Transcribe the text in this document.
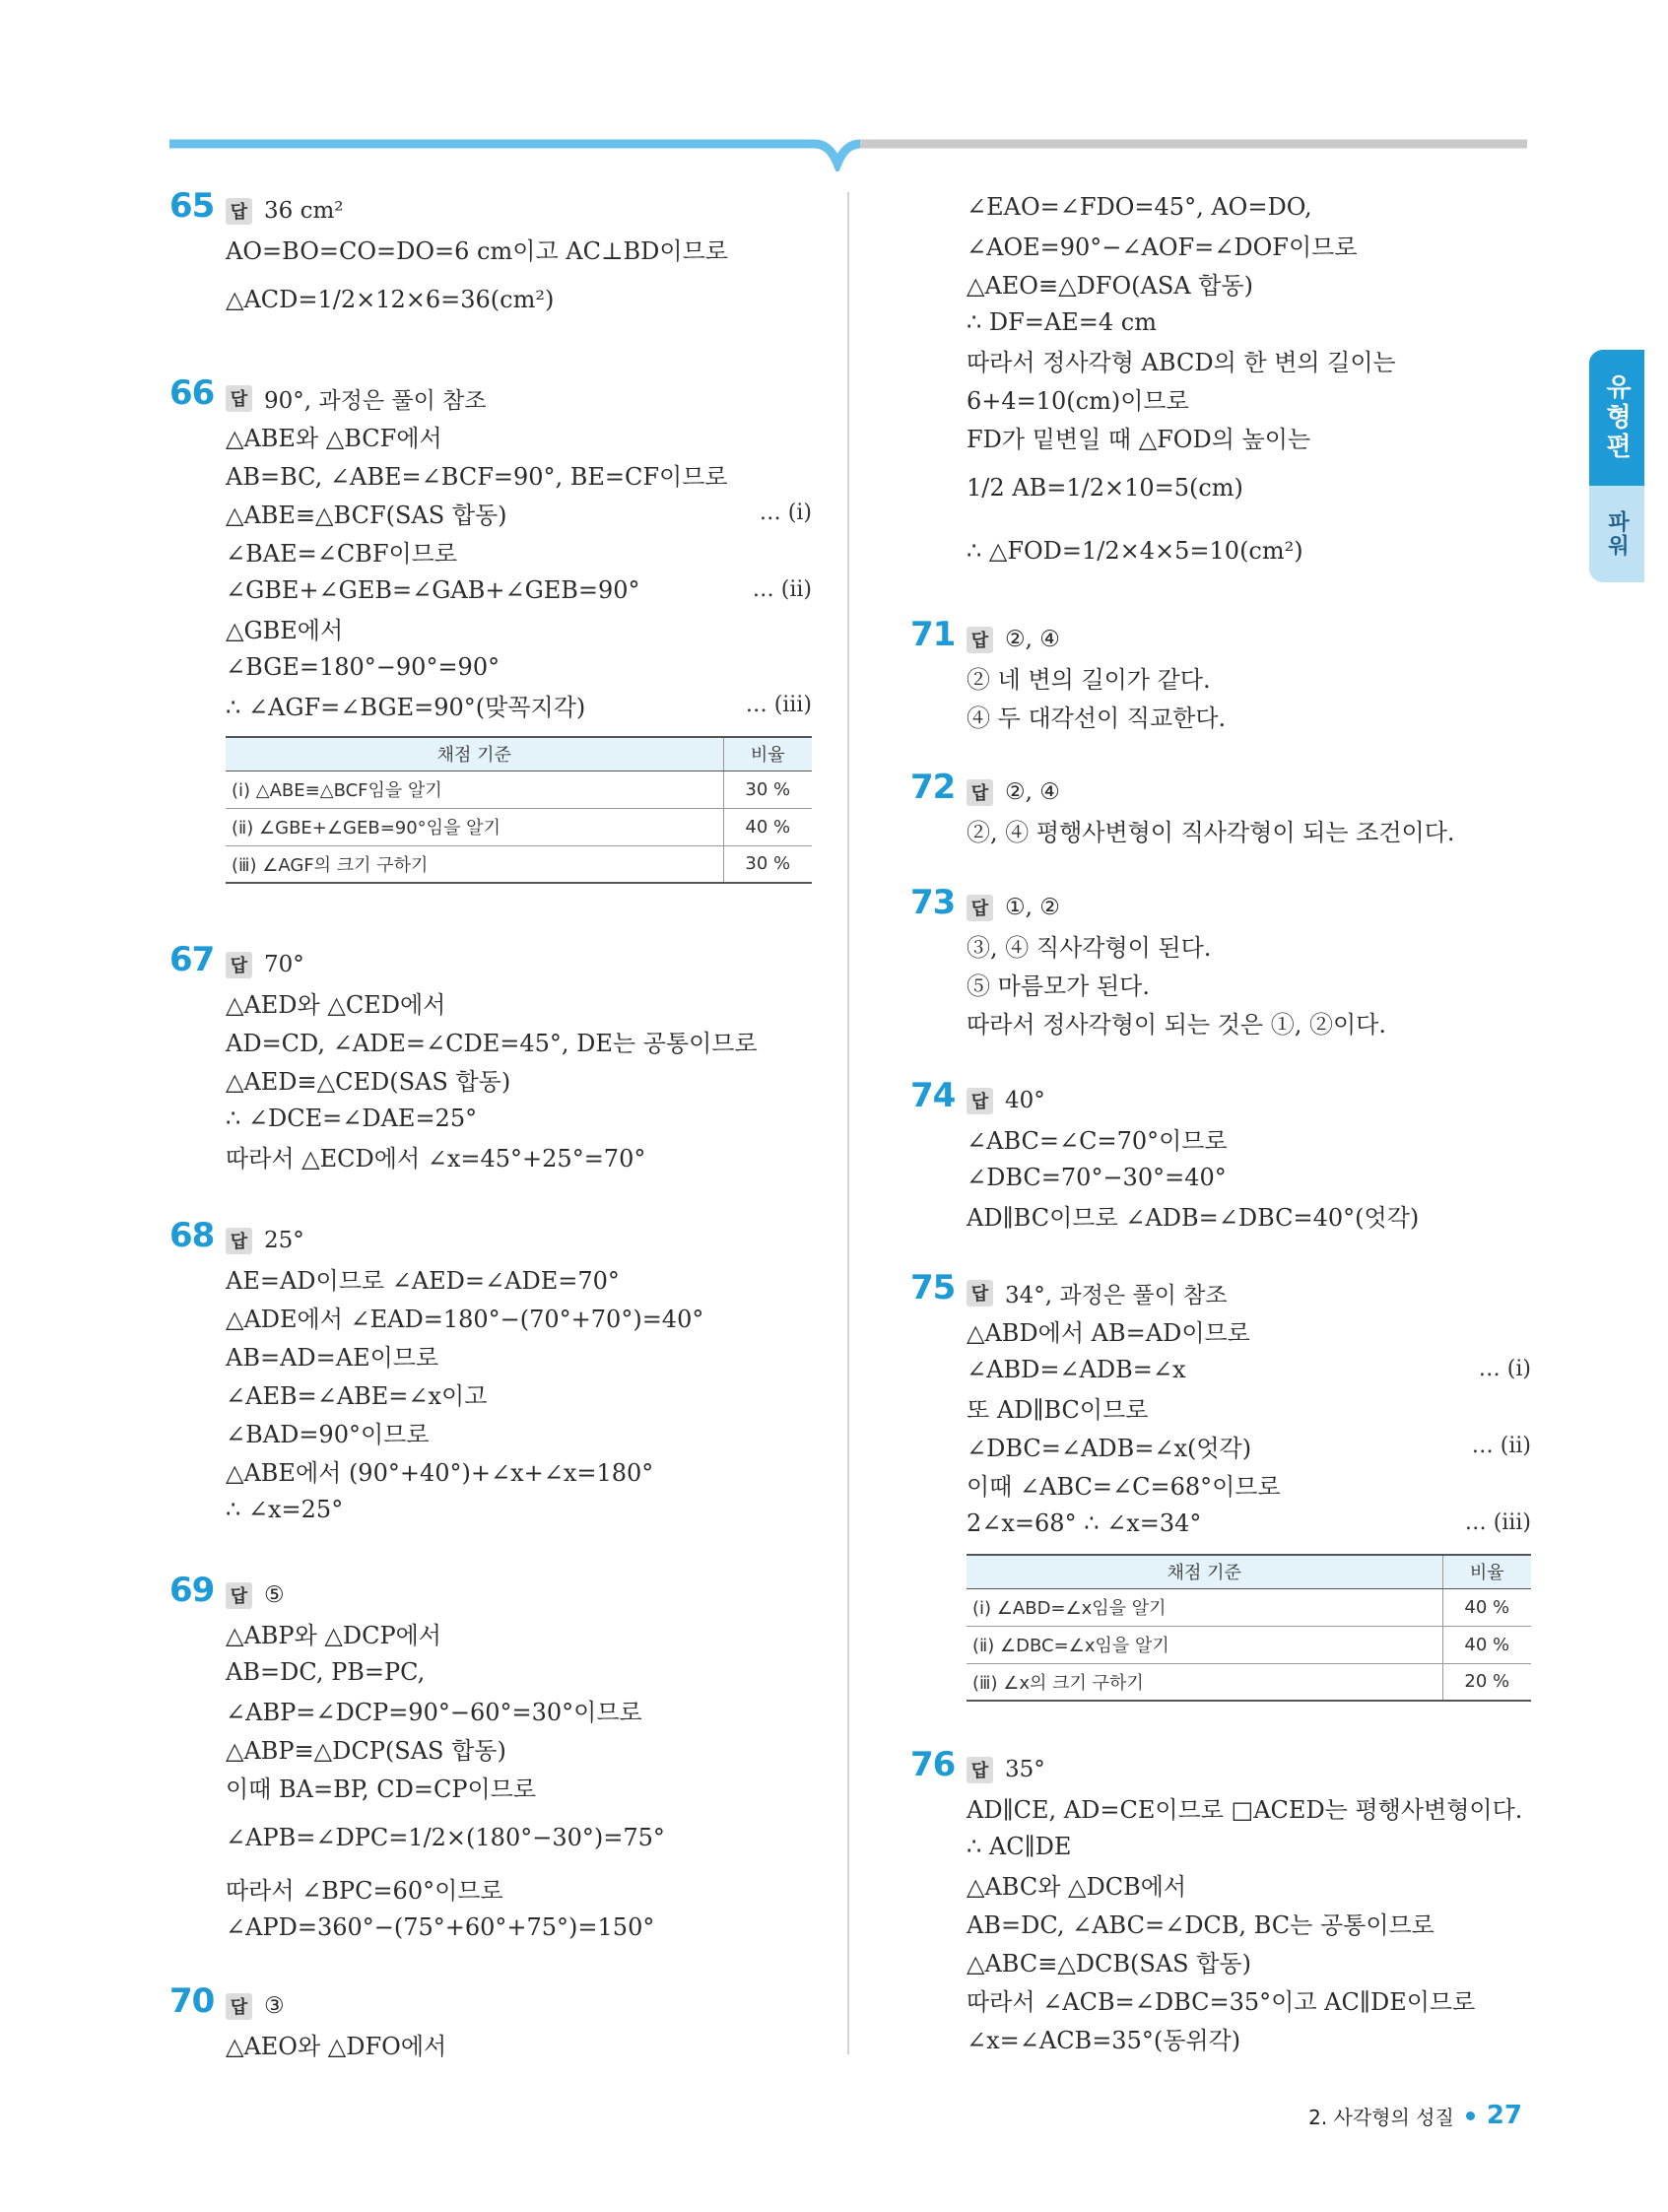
65 답 36 cm²
AO=BO=CO=DO=6 cm이고 AC⊥BD이므로
△ACD=1/2×12×6=36(cm²)
66 답 90°, 과정은 풀이 참조
△ABE와 △BCF에서
AB=BC, ∠ABE=∠BCF=90°, BE=CF이므로
△ABE≡△BCF(SAS 합동)	… (ⅰ)
∠BAE=∠CBF이므로
∠GBE+∠GEB=∠GAB+∠GEB=90°	… (ⅱ)
△GBE에서
∠BGE=180°−90°=90°
∴ ∠AGF=∠BGE=90°(맞꼭지각)	… (ⅲ)
채점 기준	비율
(ⅰ) △ABE≡△BCF임을 알기	30 %
(ⅱ) ∠GBE+∠GEB=90°임을 알기	40 %
(ⅲ) ∠AGF의 크기 구하기	30 %
67 답 70°
△AED와 △CED에서
AD=CD, ∠ADE=∠CDE=45°, DE는 공통이므로
△AED≡△CED(SAS 합동)
∴ ∠DCE=∠DAE=25°
따라서 △ECD에서 ∠x=45°+25°=70°
68 답 25°
AE=AD이므로 ∠AED=∠ADE=70°
△ADE에서 ∠EAD=180°−(70°+70°)=40°
AB=AD=AE이므로
∠AEB=∠ABE=∠x이고
∠BAD=90°이므로
△ABE에서 (90°+40°)+∠x+∠x=180°
∴ ∠x=25°
69 답 ⑤
△ABP와 △DCP에서
AB=DC, PB=PC,
∠ABP=∠DCP=90°−60°=30°이므로
△ABP≡△DCP(SAS 합동)
이때 BA=BP, CD=CP이므로
∠APB=∠DPC=1/2×(180°−30°)=75°
따라서 ∠BPC=60°이므로
∠APD=360°−(75°+60°+75°)=150°
70 답 ③
△AEO와 △DFO에서
∠EAO=∠FDO=45°, AO=DO,
∠AOE=90°−∠AOF=∠DOF이므로
△AEO≡△DFO(ASA 합동)
∴ DF=AE=4 cm
따라서 정사각형 ABCD의 한 변의 길이는
6+4=10(cm)이므로
FD가 밑변일 때 △FOD의 높이는
1/2 AB=1/2×10=5(cm)
∴ △FOD=1/2×4×5=10(cm²)
71 답 ②, ④
② 네 변의 길이가 같다.
④ 두 대각선이 직교한다.
72 답 ②, ④
②, ④ 평행사변형이 직사각형이 되는 조건이다.
73 답 ①, ②
③, ④ 직사각형이 된다.
⑤ 마름모가 된다.
따라서 정사각형이 되는 것은 ①, ②이다.
74 답 40°
∠ABC=∠C=70°이므로
∠DBC=70°−30°=40°
AD∥BC이므로 ∠ADB=∠DBC=40°(엇각)
75 답 34°, 과정은 풀이 참조
△ABD에서 AB=AD이므로
∠ABD=∠ADB=∠x	… (ⅰ)
또 AD∥BC이므로
∠DBC=∠ADB=∠x(엇각)	… (ⅱ)
이때 ∠ABC=∠C=68°이므로
2∠x=68° ∴ ∠x=34°	… (ⅲ)
채점 기준	비율
(ⅰ) ∠ABD=∠x임을 알기	40 %
(ⅱ) ∠DBC=∠x임을 알기	40 %
(ⅲ) ∠x의 크기 구하기	20 %
76 답 35°
AD∥CE, AD=CE이므로 □ACED는 평행사변형이다.
∴ AC∥DE
△ABC와 △DCB에서
AB=DC, ∠ABC=∠DCB, BC는 공통이므로
△ABC≡△DCB(SAS 합동)
따라서 ∠ACB=∠DBC=35°이고 AC∥DE이므로
∠x=∠ACB=35°(동위각)
유형편
파워
2. 사각형의 성질 27
